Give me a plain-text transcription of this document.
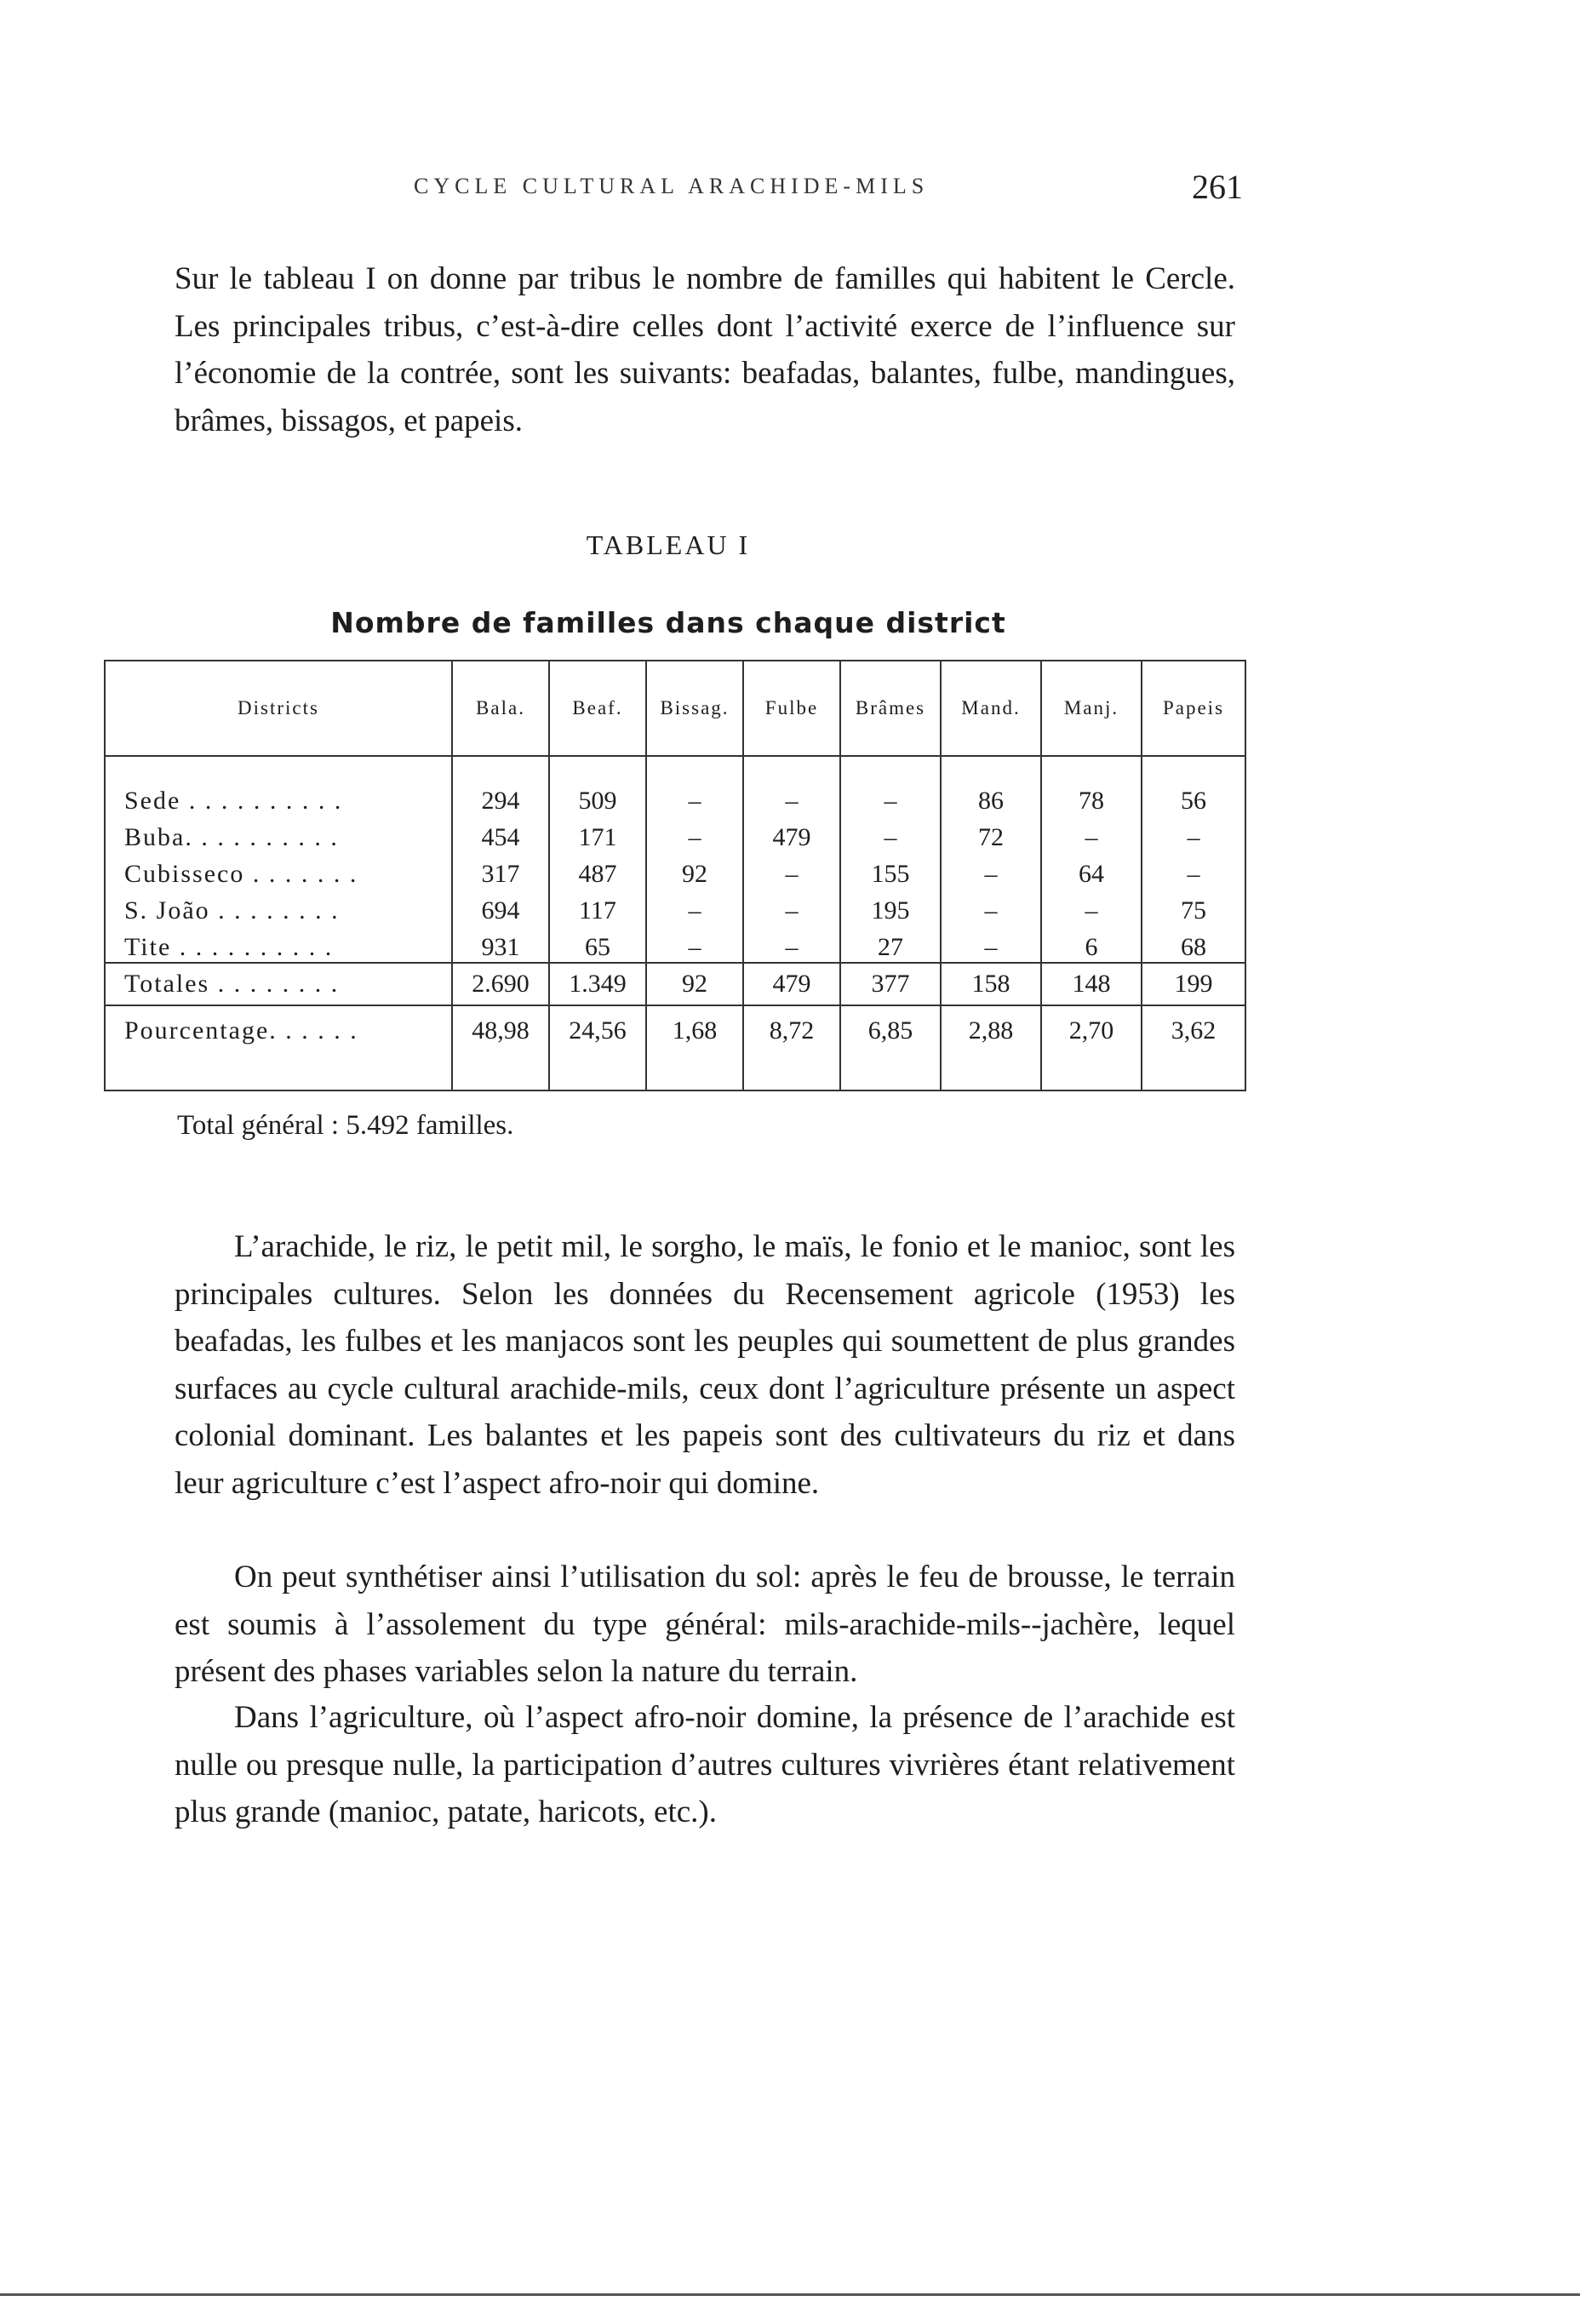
CYCLE CULTURAL ARACHIDE-MILS	261

Sur le tableau I on donne par tribus le nombre de familles qui habitent le Cercle. Les principales tribus, c’est-à-dire celles dont l’activité exerce de l’influence sur l’économie de la contrée, sont les suivants: beafadas, balantes, fulbe, mandingues, brâmes, bissagos, et papeis.

TABLEAU I
Nombre de familles dans chaque district
Districts	Bala.	Beaf.	Bissag.	Fulbe	Brâmes	Mand.	Manj.	Papeis

Sede . . . . . . . . . .	294	509	–	–	–	86	78	56
Buba. . . . . . . . . .	454	171	–	479	–	72	–	–
Cubisseco . . . . . . .	317	487	92	–	155	–	64	–
S. João . . . . . . . .	694	117	–	–	195	–	–	75
Tite . . . . . . . . . .	931	65	–	–	27	–	6	68
Totales . . . . . . . .	2.690	1.349	92	479	377	158	148	199
Pourcentage. . . . . .	48,98	24,56	1,68	8,72	6,85	2,88	2,70	3,62

Total général : 5.492 familles.

L’arachide, le riz, le petit mil, le sorgho, le maïs, le fonio et le manioc, sont les principales cultures. Selon les données du Recensement agricole (1953) les beafadas, les fulbes et les manjacos sont les peuples qui soumettent de plus grandes surfaces au cycle cultural arachide-mils, ceux dont l’agriculture présente un aspect colonial dominant. Les balantes et les papeis sont des cultivateurs du riz et dans leur agriculture c’est l’aspect afro-noir qui domine.

On peut synthétiser ainsi l’utilisation du sol: après le feu de brousse, le terrain est soumis à l’assolement du type général: mils-arachide-mils--jachère, lequel présent des phases variables selon la nature du terrain.

Dans l’agriculture, où l’aspect afro-noir domine, la présence de l’arachide est nulle ou presque nulle, la participation d’autres cultures vivrières étant relativement plus grande (manioc, patate, haricots, etc.).
